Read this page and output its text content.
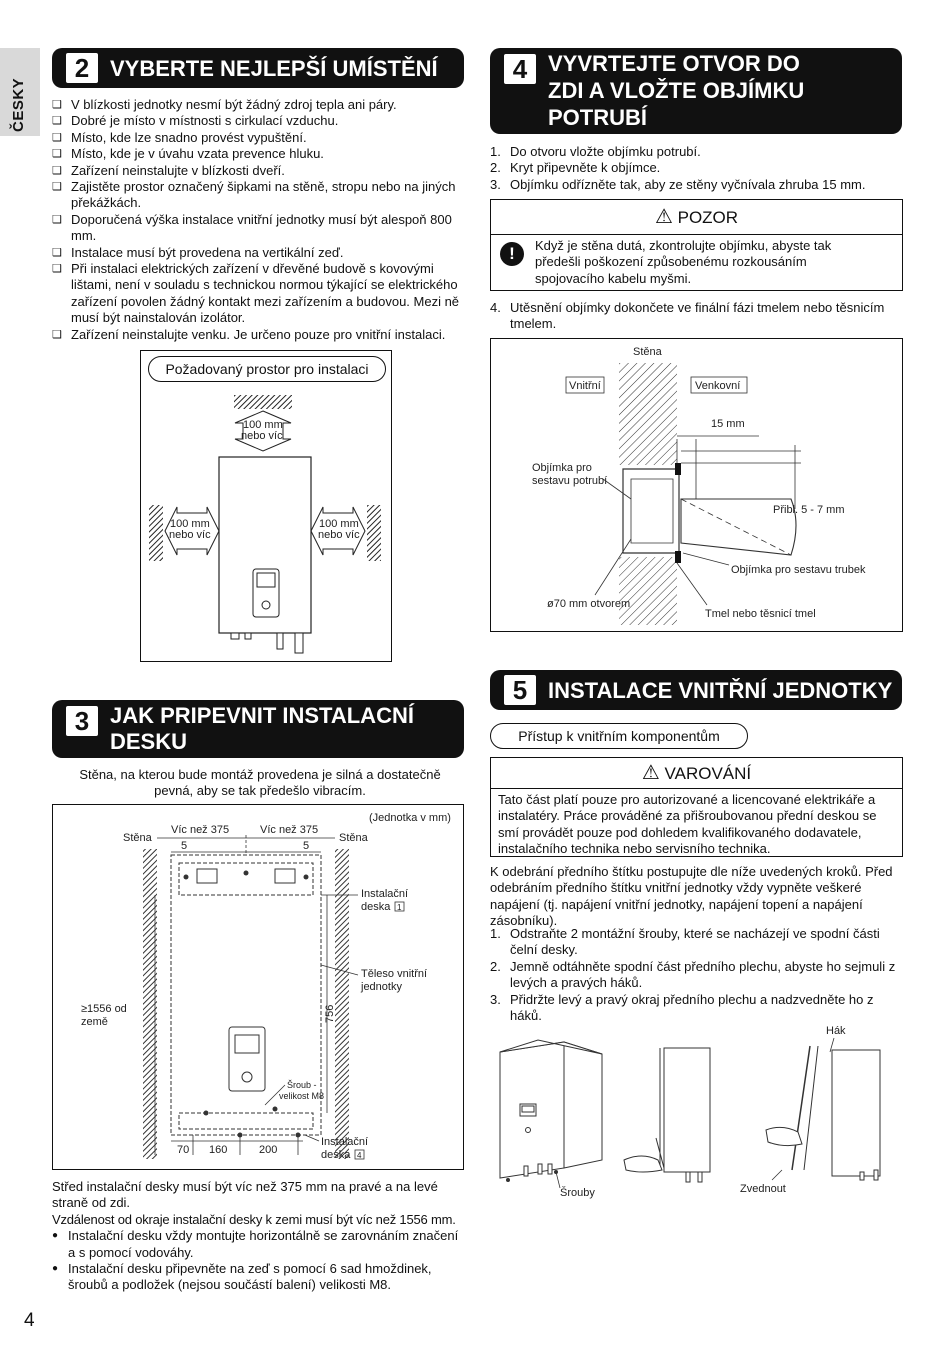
ČESKY
2 VYBERTE NEJLEPŠÍ UMÍSTĚNÍ
❑ V blízkosti jednotky nesmí být žádný zdroj tepla ani páry.
❑ Dobré je místo v místnosti s cirkulací vzduchu.
❑ Místo, kde lze snadno provést vypuštění.
❑ Místo, kde je v úvahu vzata prevence hluku.
❑ Zařízení neinstalujte v blízkosti dveří.
❑ Zajistěte prostor označený šipkami na stěně, stropu nebo na jiných překážkách.
❑ Doporučená výška instalace vnitřní jednotky musí být alespoň 800 mm.
❑ Instalace musí být provedena na vertikální zeď.
❑ Při instalaci elektrických zařízení v dřevěné budově s kovovými lištami, není v souladu s technickou normou týkající se elektrického zařízení povolen žádný kontakt mezi zařízením a budovou. Mezi ně musí být nainstalován izolátor.
❑ Zařízení neinstalujte venku. Je určeno pouze pro vnitřní instalaci.
Požadovaný prostor pro instalaci
100 mm
nebo víc
100 mm
nebo víc
100 mm
nebo víc
3 JAK PRIPEVNIT INSTALACNÍ
DESKU
Stěna, na kterou bude montáž provedena je silná a dostatečně pevná, aby se tak předešlo vibracím.
(Jednotka v mm)
Stěna	Stěna
Víc než 375	Víc než 375
5	5
Instalační
deska 1
Těleso vnitřní
jednotky
≥1556 od
země	756
Šroub -
velikost M8
Instalační
deska 4
70 160	200
Střed instalační desky musí být víc než 375 mm na pravé a na levé straně od zdi.
Vzdálenost od okraje instalační desky k zemi musí být víc než 1556 mm.
● Instalační desku vždy montujte horizontálně se zarovnáním značení a s pomocí vodováhy.
● Instalační desku připevněte na zeď s pomocí 6 sad hmoždinek, šroubů a podložek (nejsou součástí balení) velikosti M8.
4 VYVRTEJTE OTVOR DO
ZDI A VLOŽTE OBJÍMKU
POTRUBÍ
1. Do otvoru vložte objímku potrubí.
2. Kryt připevněte k objímce.
3. Objímku odřízněte tak, aby ze stěny vyčnívala zhruba 15 mm.
⚠ POZOR
!	Když je stěna dutá, zkontrolujte objímku, abyste tak předešli poškození způsobenému rozkousáním spojovacího kabelu myšmi.
4. Utěsnění objímky dokončete ve finální fázi tmelem nebo těsnicím tmelem.
Stěna
Vnitřní	Venkovní
15 mm
Přibl. 5 - 7 mm
Objímka pro
sestavu potrubí
Objímka pro sestavu trubek
ø70 mm otvorem
Tmel nebo těsnicí tmel
5 INSTALACE VNITŘNÍ JEDNOTKY
Přístup k vnitřním komponentům
⚠ VAROVÁNÍ
Tato část platí pouze pro autorizované a licencované elektrikáře a instalatéry. Práce prováděné za přišroubovanou přední deskou se smí provádět pouze pod dohledem kvalifikovaného dodavatele, instalačního technika nebo servisního technika.
K odebrání předního štítku postupujte dle níže uvedených kroků. Před odebráním předního štítku vnitřní jednotky vždy vypněte veškeré napájení (tj. napájení vnitřní jednotky, napájení topení a napájení zásobníku).
1. Odstraňte 2 montážní šrouby, které se nacházejí ve spodní části čelní desky.
2. Jemně odtáhněte spodní část předního plechu, abyste ho sejmuli z levých a pravých háků.
3. Přidržte levý a pravý okraj předního plechu a nadzvedněte ho z háků.
Šrouby	Zvednout
Hák
4
